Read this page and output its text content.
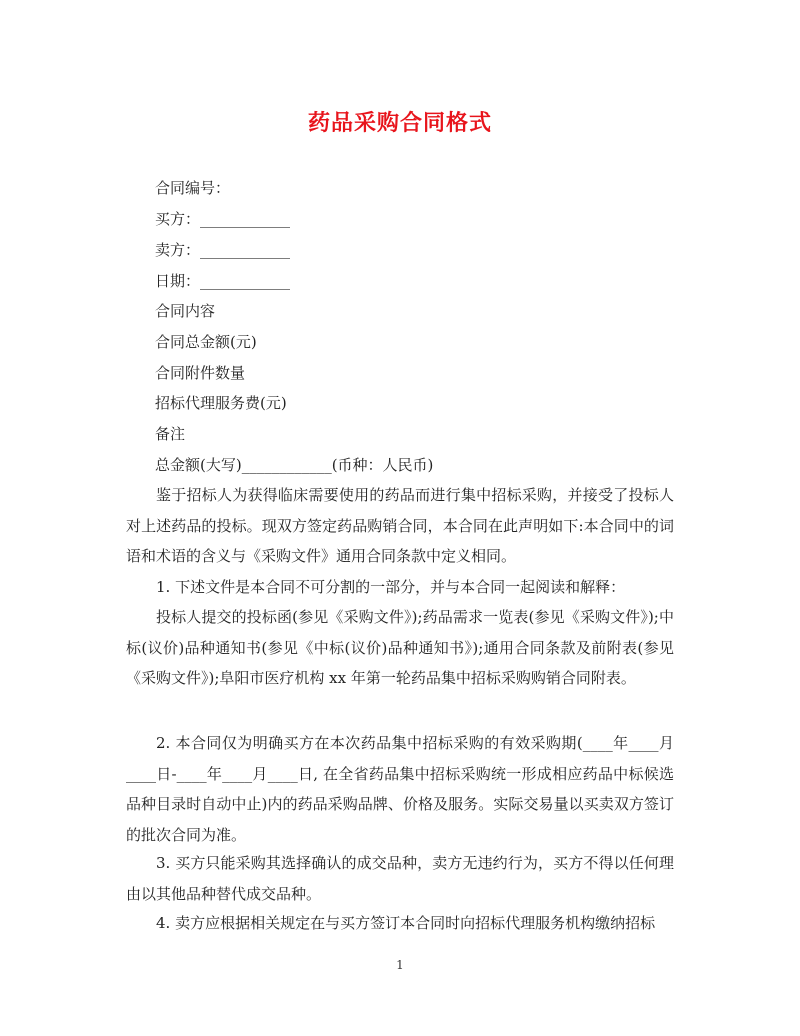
药品采购合同格式
合同编号：
买方：____________
卖方：____________
日期：____________
合同内容
合同总金额(元)
合同附件数量
招标代理服务费(元)
备注
总金额(大写)____________(币种：人民币)

鉴于招标人为获得临床需要使用的药品而进行集中招标采购，并接受了投标人对上述药品的投标。现双方签定药品购销合同，本合同在此声明如下:本合同中的词语和术语的含义与《采购文件》通用合同条款中定义相同。

1. 下述文件是本合同不可分割的一部分，并与本合同一起阅读和解释：

投标人提交的投标函(参见《采购文件》);药品需求一览表(参见《采购文件》);中标(议价)品种通知书(参见《中标(议价)品种通知书》);通用合同条款及前附表(参见《采购文件》);阜阳市医疗机构 xx 年第一轮药品集中招标采购购销合同附表。

2. 本合同仅为明确买方在本次药品集中招标采购的有效采购期(____年____月____日-____年____月____日, 在全省药品集中招标采购统一形成相应药品中标候选品种目录时自动中止)内的药品采购品牌、价格及服务。实际交易量以买卖双方签订的批次合同为准。

3. 买方只能采购其选择确认的成交品种，卖方无违约行为，买方不得以任何理由以其他品种替代成交品种。

4. 卖方应根据相关规定在与买方签订本合同时向招标代理服务机构缴纳招标

1
